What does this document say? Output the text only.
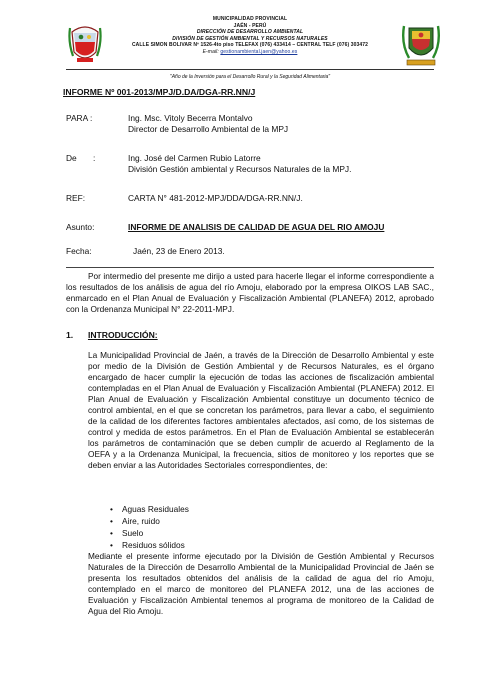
MUNICIPALIDAD PROVINCIAL
JAÉN - PERÚ
DIRECCIÓN DE DESARROLLO AMBIENTAL
DIVISIÓN DE GESTIÓN AMBIENTAL Y RECURSOS NATURALES
CALLE SIMON BOLIVAR Nº 1526-4to piso TELEFAX (076) 433414 – CENTRAL TELF (076) 303472
E-mail: gestionambiental.jaen@yahoo.es
"Año de la Inversión para el Desarrollo Rural y la Seguridad Alimentaria"
INFORME Nº 001-2013/MPJ/D.DA/DGA-RR.NN/J
PARA :	Ing. Msc. Vitoly Becerra Montalvo
Director de Desarrollo Ambiental de la MPJ
De       :	Ing. José del Carmen Rubio Latorre
División Gestión ambiental y Recursos Naturales de la MPJ.
REF:	CARTA N° 481-2012-MPJ/DDA/DGA-RR.NN/J.
Asunto:	INFORME DE ANALISIS DE CALIDAD DE AGUA DEL RIO AMOJU
Fecha:	Jaén, 23 de Enero 2013.
Por intermedio del presente me dirijo a usted para hacerle llegar el informe correspondiente a los resultados de los análisis de agua del río Amoju, elaborado por la empresa OIKOS LAB SAC., enmarcado en el Plan Anual de Evaluación y Fiscalización Ambiental (PLANEFA) 2012, aprobado con la Ordenanza Municipal N° 22-2011-MPJ.
1. INTRODUCCIÓN:
La Municipalidad Provincial de Jaén, a través de la Dirección de Desarrollo Ambiental y este por medio de la División de Gestión Ambiental y de Recursos Naturales, es el órgano encargado de hacer cumplir la ejecución de todas las acciones de fiscalización ambiental contempladas en el Plan Anual de Evaluación y Fiscalización Ambiental (PLANEFA) 2012. El Plan Anual de Evaluación y Fiscalización Ambiental constituye un documento técnico de control ambiental, en el que se concretan los parámetros, para llevar a cabo, el seguimiento de la calidad de los diferentes factores ambientales afectados, así como, de los sistemas de control y medida de estos parámetros. En el Plan de Evaluación Ambiental se establecerán los parámetros de contaminación que se deben cumplir de acuerdo al Reglamento de la OEFA y a la Ordenanza Municipal, la frecuencia, sitios de monitoreo y los reportes que se deben enviar a las Autoridades Sectoriales correspondientes, de:
• Aguas Residuales
• Aire, ruido
• Suelo
• Residuos sólidos
Mediante el presente informe ejecutado por la División de Gestión Ambiental y Recursos Naturales de la Dirección de Desarrollo Ambiental de la Municipalidad Provincial de Jaén se presenta los resultados obtenidos del análisis de la calidad de agua del río Amoju, contemplado en el marco de monitoreo del PLANEFA 2012, una de las acciones de Evaluación y Fiscalización Ambiental tenemos al programa de monitoreo de la Calidad de Agua del Rio Amoju.
